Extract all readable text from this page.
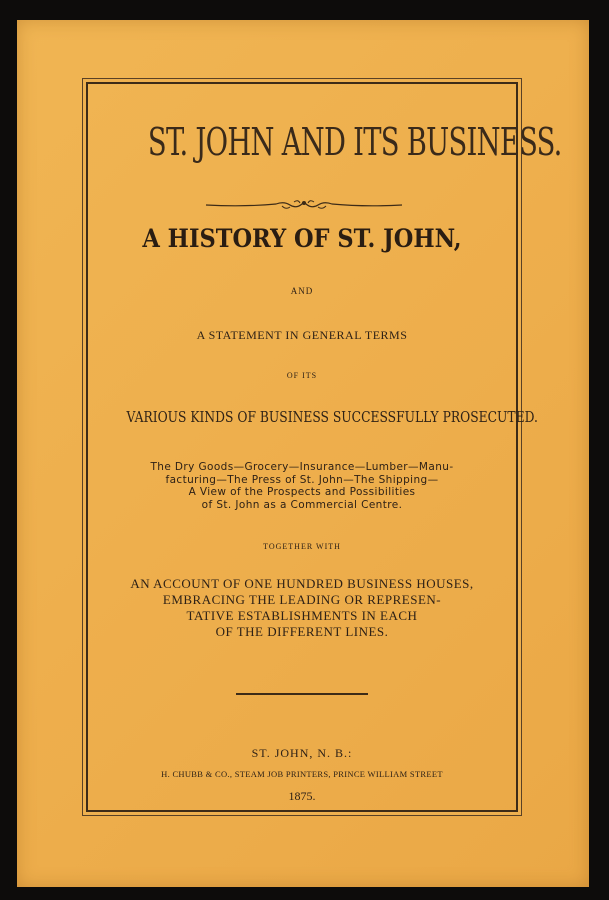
ST. JOHN AND ITS BUSINESS.
A HISTORY OF ST. JOHN,
AND
A STATEMENT IN GENERAL TERMS
OF ITS
VARIOUS KINDS OF BUSINESS SUCCESSFULLY PROSECUTED.
The Dry Goods—Grocery—Insurance—Lumber—Manu-
facturing—The Press of St. John—The Shipping—
A View of the Prospects and Possibilities
of St. John as a Commercial Centre.
TOGETHER WITH
AN ACCOUNT OF ONE HUNDRED BUSINESS HOUSES,
EMBRACING THE LEADING OR REPRESEN-
TATIVE ESTABLISHMENTS IN EACH
OF THE DIFFERENT LINES.
ST. JOHN, N. B.:
H. CHUBB & CO., STEAM JOB PRINTERS, PRINCE WILLIAM STREET
1875.
